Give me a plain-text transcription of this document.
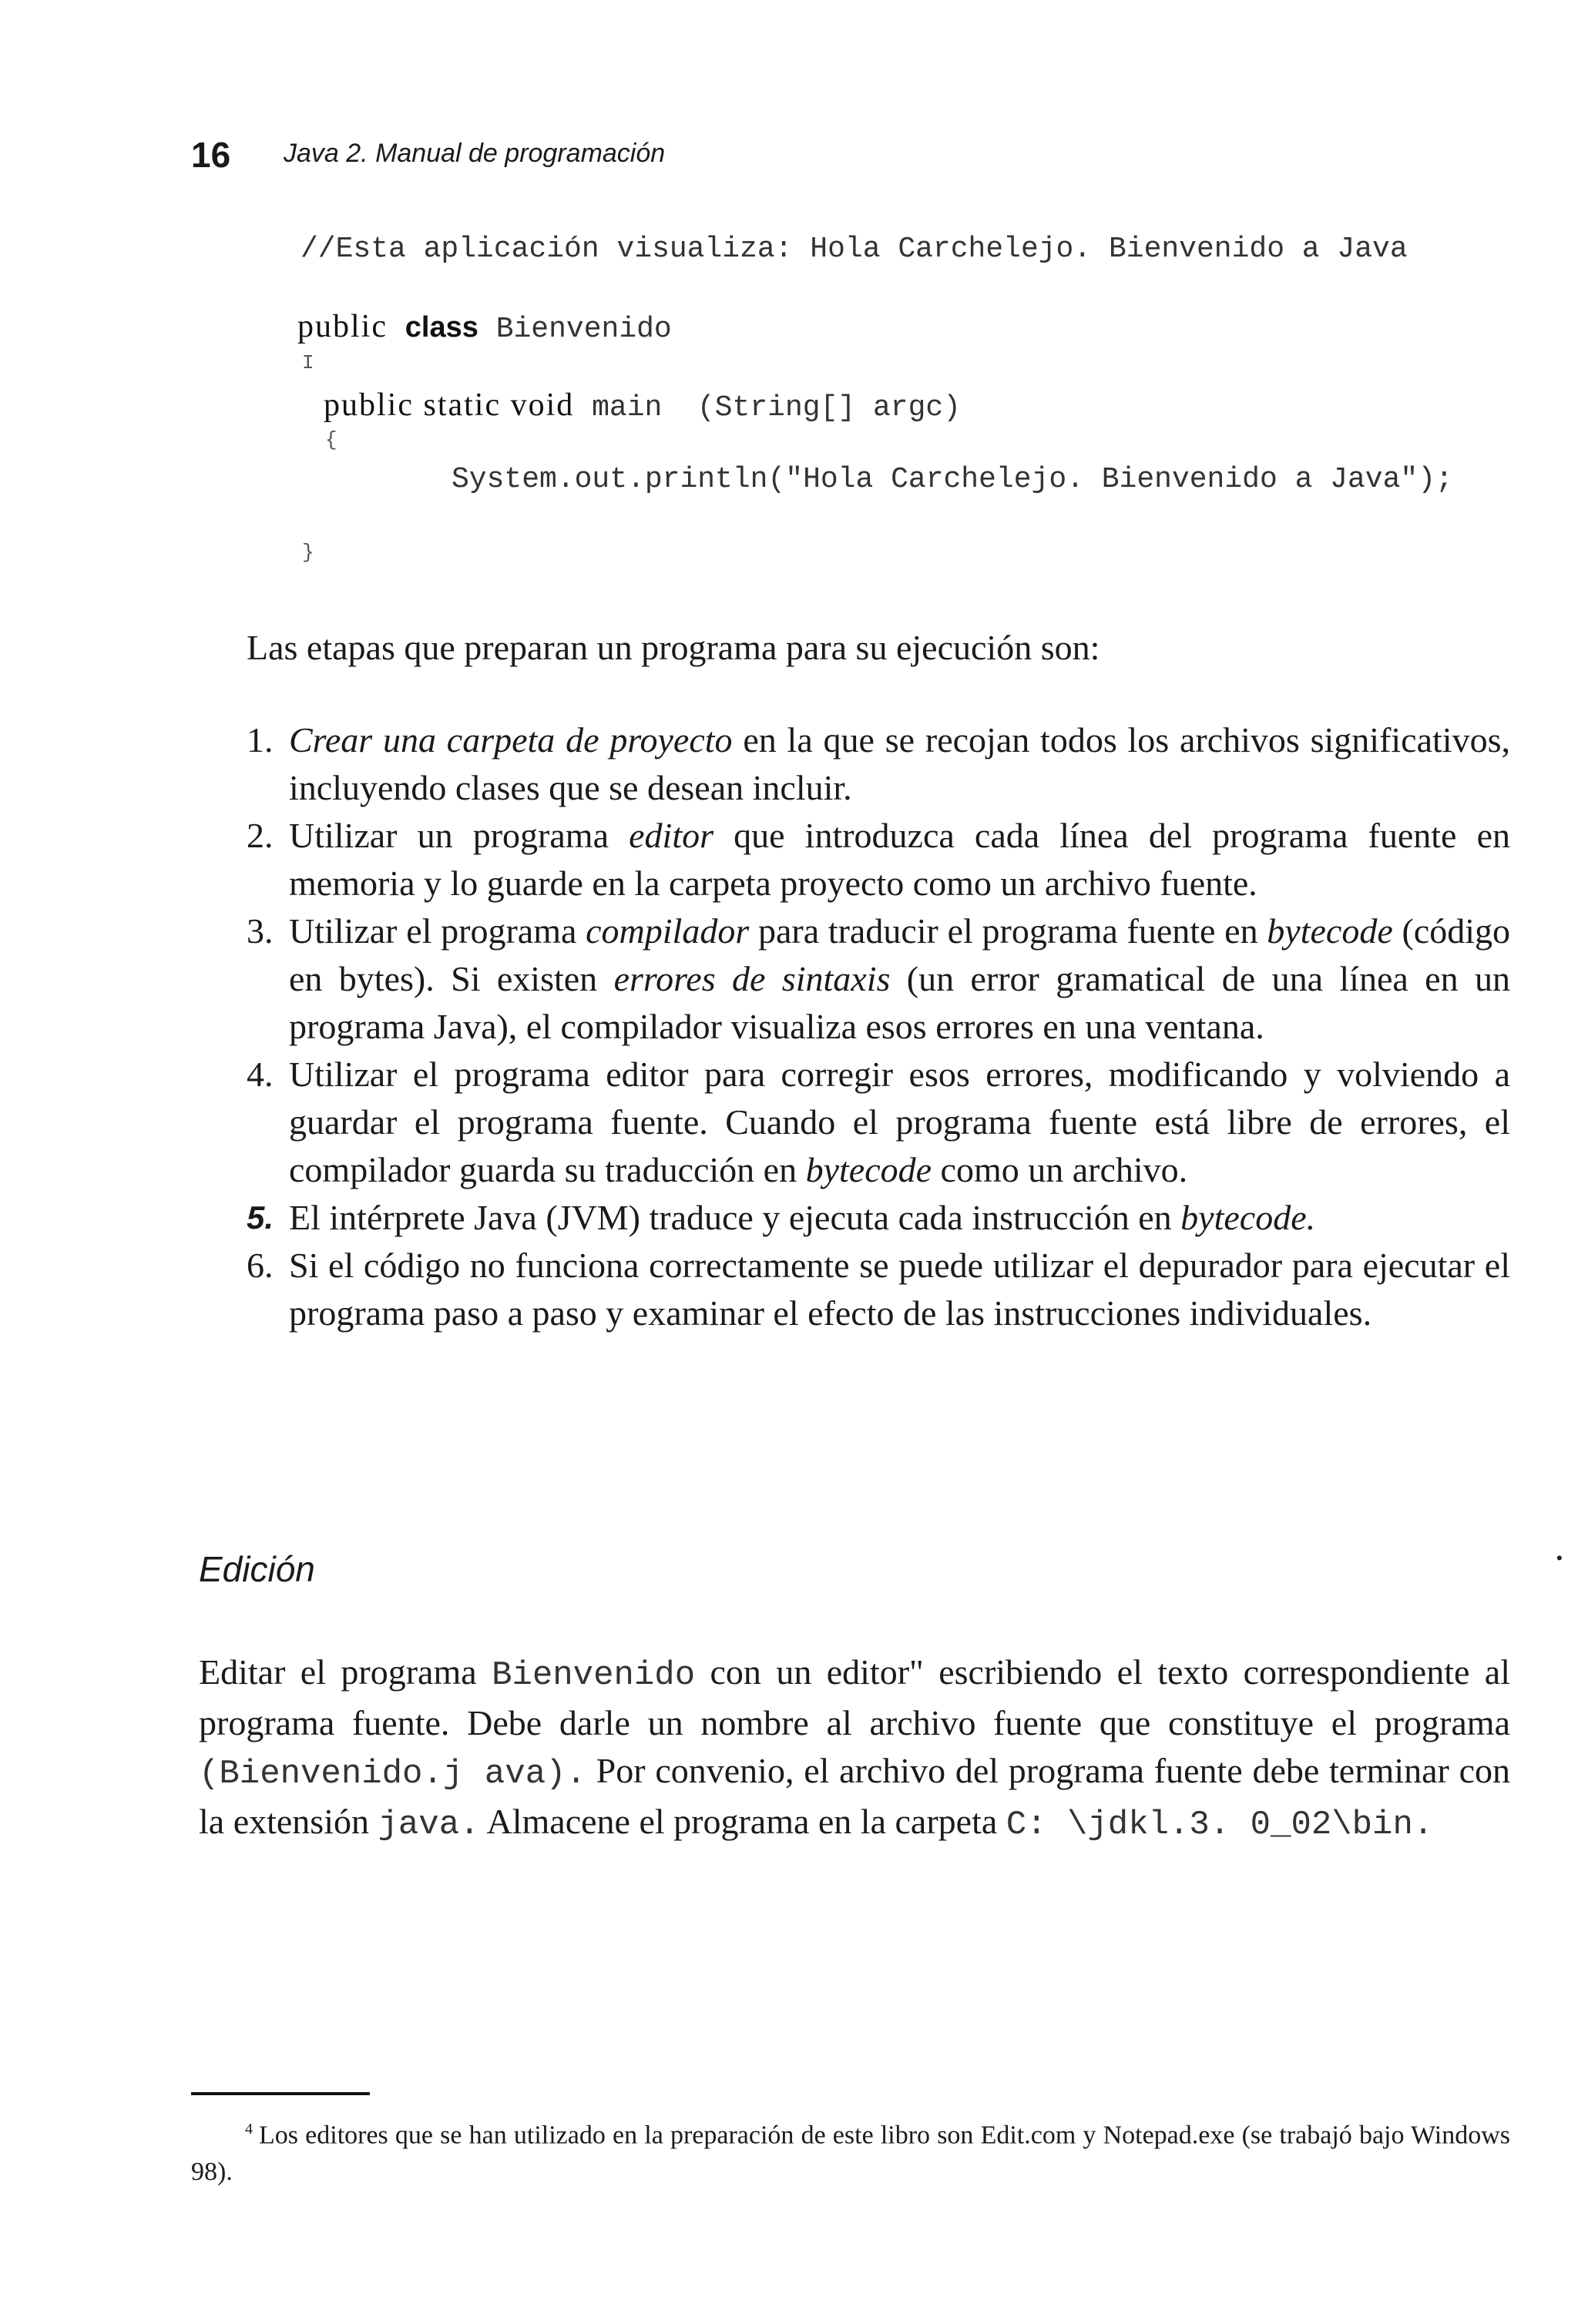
16 Java 2. Manual de programación
//Esta aplicación visualiza: Hola Carchelejo. Bienvenido a Java
public class Bienvenido
I
public static void main  (String[] argc)
{
System.out.println("Hola Carchelejo. Bienvenido a Java");
}
Las etapas que preparan un programa para su ejecución son:
1. Crear una carpeta de proyecto en la que se recojan todos los archivos significativos, incluyendo clases que se desean incluir.
2. Utilizar un programa editor que introduzca cada línea del programa fuente en memoria y lo guarde en la carpeta proyecto como un archivo fuente.
3. Utilizar el programa compilador para traducir el programa fuente en bytecode (código en bytes). Si existen errores de sintaxis (un error gramatical de una línea en un programa Java), el compilador visualiza esos errores en una ventana.
4. Utilizar el programa editor para corregir esos errores, modificando y volviendo a guardar el programa fuente. Cuando el programa fuente está libre de errores, el compilador guarda su traducción en bytecode como un archivo.
5. El intérprete Java (JVM) traduce y ejecuta cada instrucción en bytecode.
6. Si el código no funciona correctamente se puede utilizar el depurador para ejecutar el programa paso a paso y examinar el efecto de las instrucciones individuales.
•
Edición
Editar el programa Bienvenido con un editor" escribiendo el texto correspondiente al programa fuente. Debe darle un nombre al archivo fuente que constituye el programa (Bienvenido.j ava). Por convenio, el archivo del programa fuente debe terminar con la extensión java. Almacene el programa en la carpeta C: \jdkl.3. 0_02\bin.
$^4$ Los editores que se han utilizado en la preparación de este libro son Edit.com y Notepad.exe (se trabajó bajo Windows 98).
